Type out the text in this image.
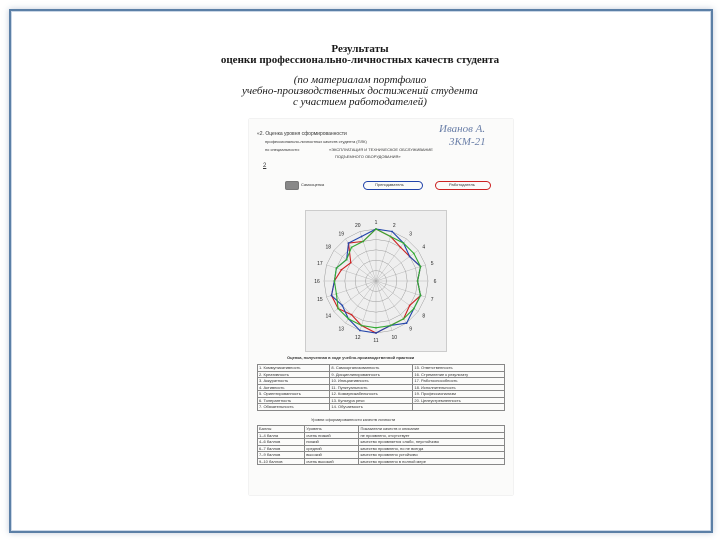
Результаты
оценки профессионально-личностных качеств студента
(по материалам портфолио
учебно-производственных достижений студента
с участием работодателей)
Иванов А.
3КМ-21
«2. Оценка уровня сформированности
профессионально-личностных качеств студента (ПЛК)
по специальности:	«ЭКСПЛУАТАЦИЯ И ТЕХНИЧЕСКОЕ ОБСЛУЖИВАНИЕ
ПОДЪЕМНОГО ОБОРУДОВАНИЯ»
2
Самооценка	Преподаватель	Работодатель
1	2
3
4
5
6
7
8
9
10
11
12
13
14
15
16
17
18
19
20
Оценка, полученная в ходе учебно-производственной практики
1. Коммуникативность	8. Самоорганизованность	15. Ответственность
2. Креативность	9. Дисциплинированность	16. Стремление к результату
3. Аккуратность	10. Инициативность	17. Работоспособность
4. Активность	11. Пунктуальность	18. Исполнительность
5. Ориентированность	12. Коммуникабельность	19. Профессионализм
6. Толерантность	13. Культура речи	20. Целеустремленность
7. Обязательность	14. Обучаемость	
Уровни сформированности качеств личности
Баллы	Уровень	Показатели качеств и описание
1–4 балла	очень низкий	не проявлено, отсутствует
4–6 баллов	низкий	качество проявляется слабо, неустойчиво
6–7 баллов	средний	качество проявлено, но не всегда
7–9 баллов	высокий	качество проявлено устойчиво
9–10 баллов	очень высокий	качество проявлено в полной мере
